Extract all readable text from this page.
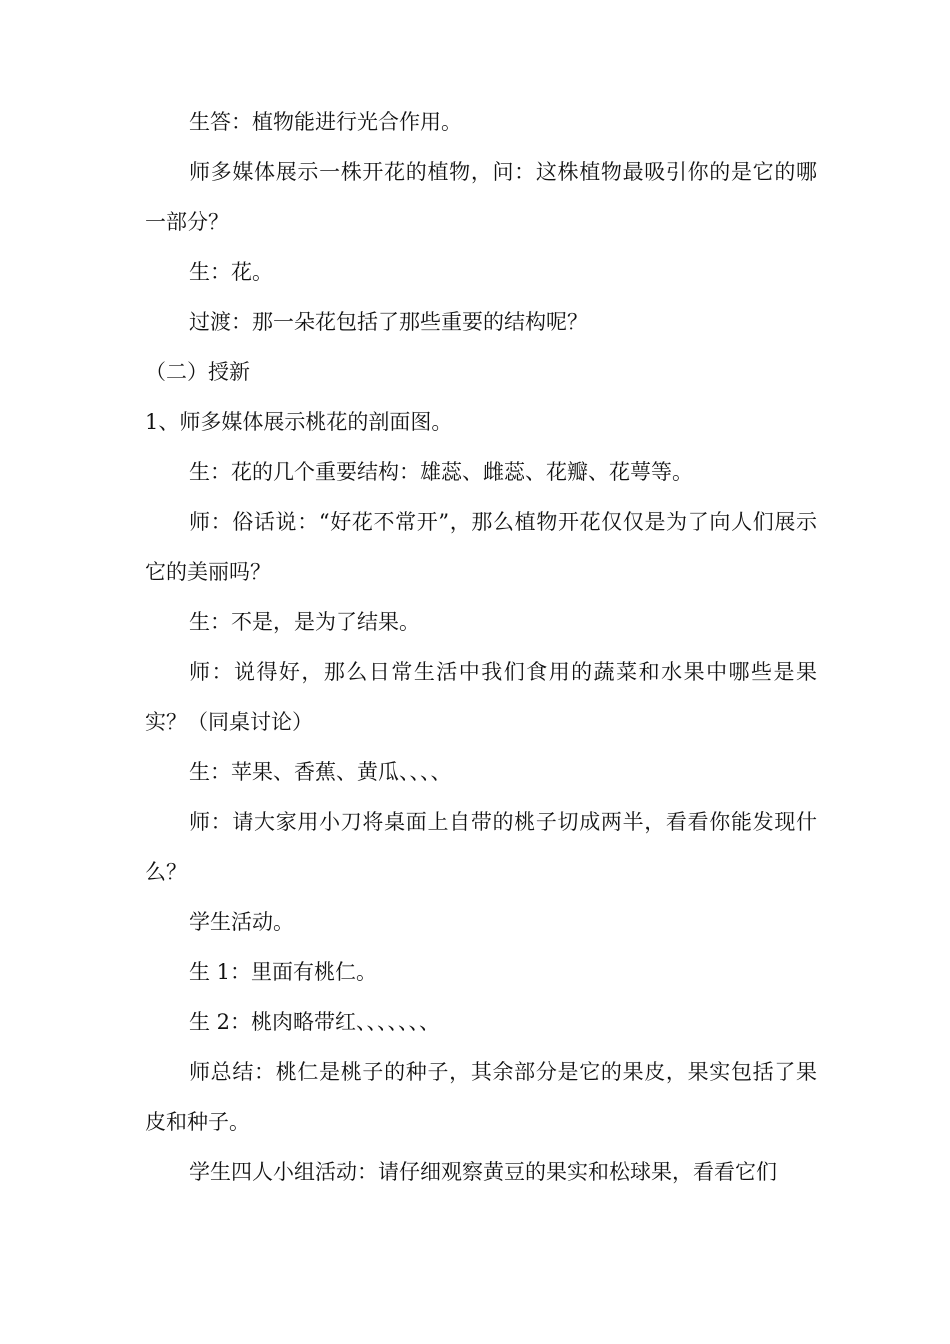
生答：植物能进行光合作用。

师多媒体展示一株开花的植物，问：这株植物最吸引你的是它的哪一部分？

生：花。

过渡：那一朵花包括了那些重要的结构呢？

（二）授新

1、师多媒体展示桃花的剖面图。

生：花的几个重要结构：雄蕊、雌蕊、花瓣、花萼等。

师：俗话说：“好花不常开”，那么植物开花仅仅是为了向人们展示它的美丽吗？

生：不是，是为了结果。

师：说得好，那么日常生活中我们食用的蔬菜和水果中哪些是果实？（同桌讨论）

生：苹果、香蕉、黄瓜、、、、

师：请大家用小刀将桌面上自带的桃子切成两半，看看你能发现什么？

学生活动。

生 1：里面有桃仁。

生 2：桃肉略带红、、、、、、、

师总结：桃仁是桃子的种子，其余部分是它的果皮，果实包括了果皮和种子。

学生四人小组活动：请仔细观察黄豆的果实和松球果，看看它们
